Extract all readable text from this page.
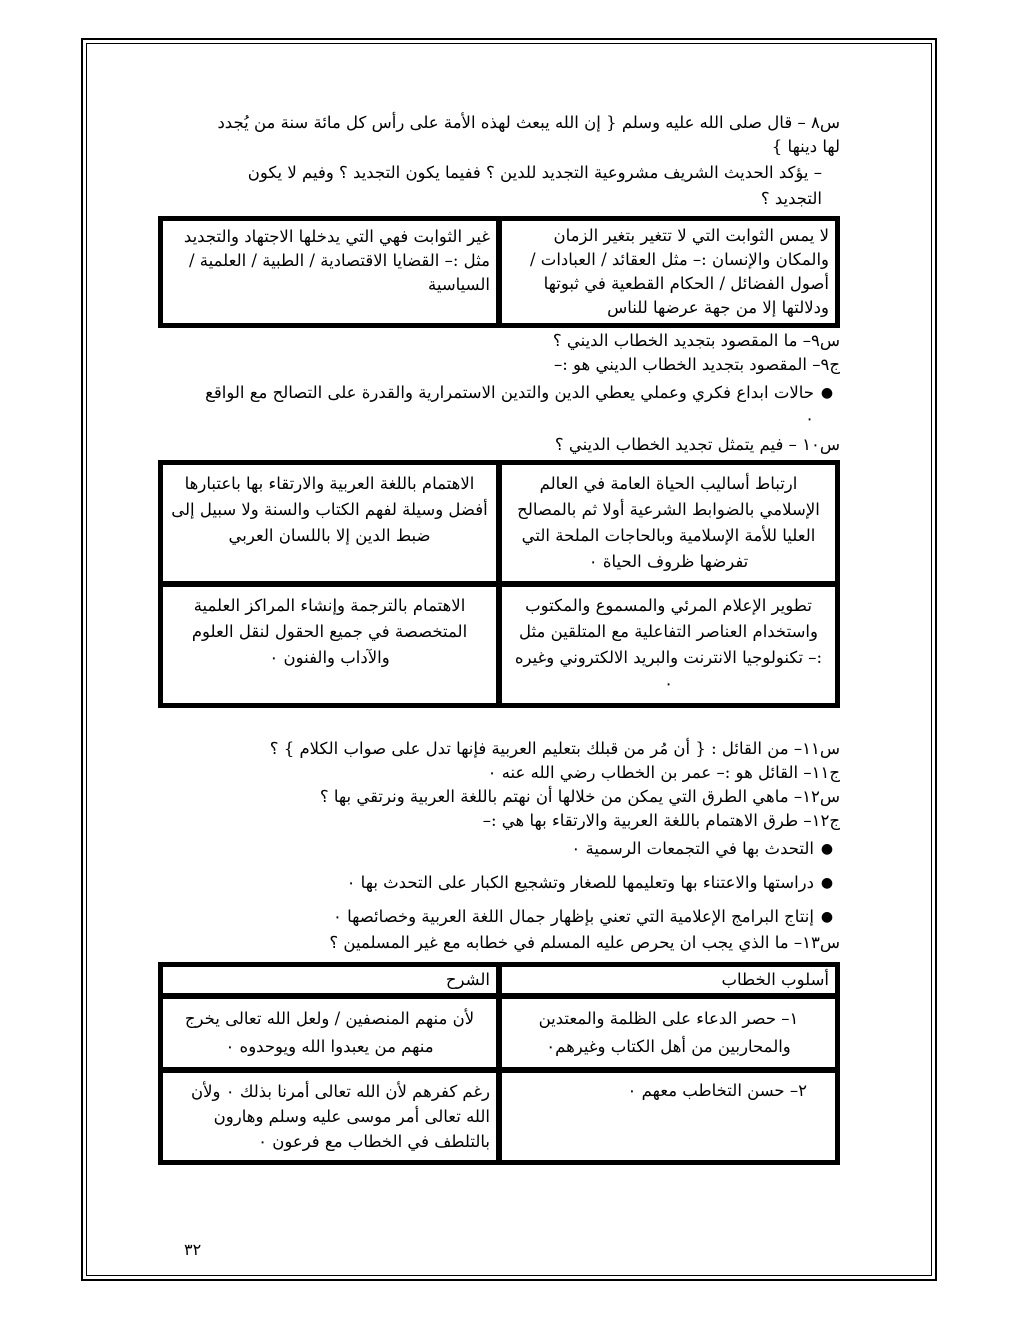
س٨ – قال صلى الله عليه وسلم { إن الله يبعث لهذه الأمة على رأس كل مائة سنة من يُجدد

لها دينها }

– يؤكد الحديث الشريف مشروعية التجديد للدين ؟ ففيما يكون التجديد ؟ وفيم لا يكون التجديد ؟

لا يمس الثوابت التي لا تتغير بتغير الزمان والمكان والإنسان :– مثل العقائد / العبادات / أصول الفضائل / الحكام القطعية في ثبوتها ودلالتها إلا من جهة عرضها للناس
غير الثوابت فهي التي يدخلها الاجتهاد والتجديد
مثل :– القضايا الاقتصادية / الطبية / العلمية / السياسية

س٩– ما المقصود بتجديد الخطاب الديني ؟

ج٩– المقصود بتجديد الخطاب الديني هو :–

●
حالات ابداع فكري وعملي يعطي الدين والتدين الاستمرارية والقدرة على التصالح مع الواقع ٠

س١٠ – فيم يتمثل تجديد الخطاب الديني ؟

ارتباط أساليب الحياة العامة في العالم الإسلامي بالضوابط الشرعية أولا ثم بالمصالح العليا للأمة الإسلامية وبالحاجات الملحة التي تفرضها ظروف الحياة ٠
الاهتمام باللغة العربية والارتقاء بها باعتبارها أفضل وسيلة لفهم الكتاب والسنة ولا سبيل إلى ضبط الدين إلا باللسان العربي
تطوير الإعلام المرئي والمسموع والمكتوب واستخدام العناصر التفاعلية مع المتلقين مثل :– تكنولوجيا الانترنت والبريد الالكتروني وغيره ٠
الاهتمام بالترجمة وإنشاء المراكز العلمية المتخصصة في جميع الحقول لنقل العلوم والآداب والفنون ٠

س١١– من القائل : { أن مُر من قبلك بتعليم العربية فإنها تدل على صواب الكلام } ؟

ج١١– القائل هو :– عمر بن الخطاب رضي الله عنه ٠

س١٢– ماهي الطرق التي يمكن من خلالها أن نهتم باللغة العربية ونرتقي بها ؟

ج١٢– طرق الاهتمام باللغة العربية والارتقاء بها هي :–

●
التحدث بها في التجمعات الرسمية ٠
●
دراستها والاعتناء بها وتعليمها للصغار وتشجيع الكبار على التحدث بها ٠
●
إنتاج البرامج الإعلامية التي تعني بإظهار جمال اللغة العربية وخصائصها ٠

س١٣– ما الذي يجب ان يحرص عليه المسلم في خطابه مع غير المسلمين ؟

أسلوب الخطاب
الشرح
١– حصر الدعاء على الظلمة والمعتدين والمحاربين من أهل الكتاب وغيرهم٠
لأن منهم المنصفين / ولعل الله تعالى يخرج منهم من يعبدوا الله ويوحدوه ٠
٢– حسن التخاطب معهم ٠
رغم كفرهم لأن الله تعالى أمرنا بذلك ٠ ولأن الله تعالى أمر موسى عليه وسلم وهارون بالتلطف في الخطاب مع فرعون ٠
٣٢
